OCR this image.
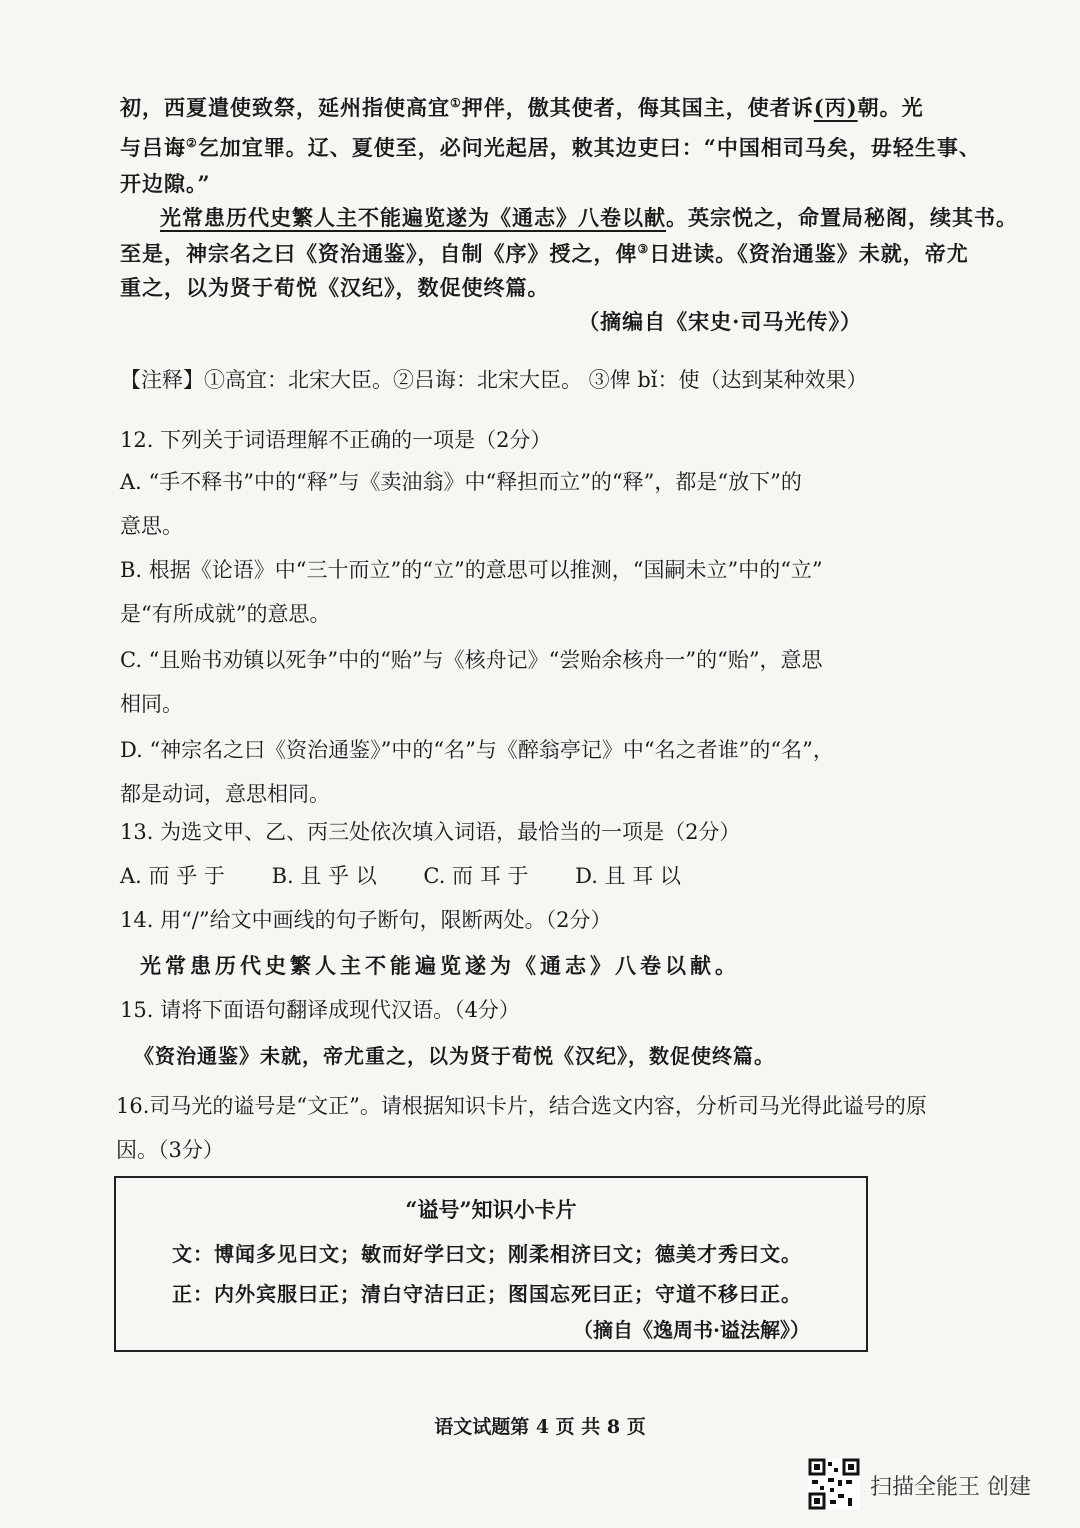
初，西夏遣使致祭，延州指使高宜①押伴，傲其使者，侮其国主，使者诉(丙)朝。光
与吕诲②乞加宜罪。辽、夏使至，必问光起居，敕其边吏曰：“中国相司马矣，毋轻生事、
开边隙。”
光常患历代史繁人主不能遍览遂为《通志》八卷以献。英宗悦之，命置局秘阁，续其书。
至是，神宗名之曰《资治通鉴》，自制《序》授之，俾③日进读。《资治通鉴》未就，帝尤
重之，以为贤于荀悦《汉纪》，数促使终篇。
（摘编自《宋史·司马光传》）
【注释】①高宜：北宋大臣。②吕诲：北宋大臣。 ③俾 bǐ：使（达到某种效果）
12. 下列关于词语理解不正确的一项是（2分）
A. “手不释书”中的“释”与《卖油翁》中“释担而立”的“释”，都是“放下”的
意思。
B. 根据《论语》中“三十而立”的“立”的意思可以推测，“国嗣未立”中的“立”
是“有所成就”的意思。
C. “且贻书劝镇以死争”中的“贻”与《核舟记》“尝贻余核舟一”的“贻”，意思
相同。
D. “神宗名之曰《资治通鉴》”中的“名”与《醉翁亭记》中“名之者谁”的“名”，
都是动词，意思相同。
13. 为选文甲、乙、丙三处依次填入词语，最恰当的一项是（2分）
A. 而 乎 于 B. 且 乎 以 C. 而 耳 于 D. 且 耳 以
14. 用“/”给文中画线的句子断句，限断两处。（2分）
光常患历代史繁人主不能遍览遂为《通志》八卷以献。
15. 请将下面语句翻译成现代汉语。（4分）
《资治通鉴》未就，帝尤重之，以为贤于荀悦《汉纪》，数促使终篇。
16.司马光的谥号是“文正”。请根据知识卡片，结合选文内容，分析司马光得此谥号的原
因。（3分）
“谥号”知识小卡片
文：博闻多见曰文；敏而好学曰文；刚柔相济曰文；德美才秀曰文。
正：内外宾服曰正；清白守洁曰正；图国忘死曰正；守道不移曰正。
（摘自《逸周书·谥法解》）
语文试题第 4 页 共 8 页
扫描全能王 创建
